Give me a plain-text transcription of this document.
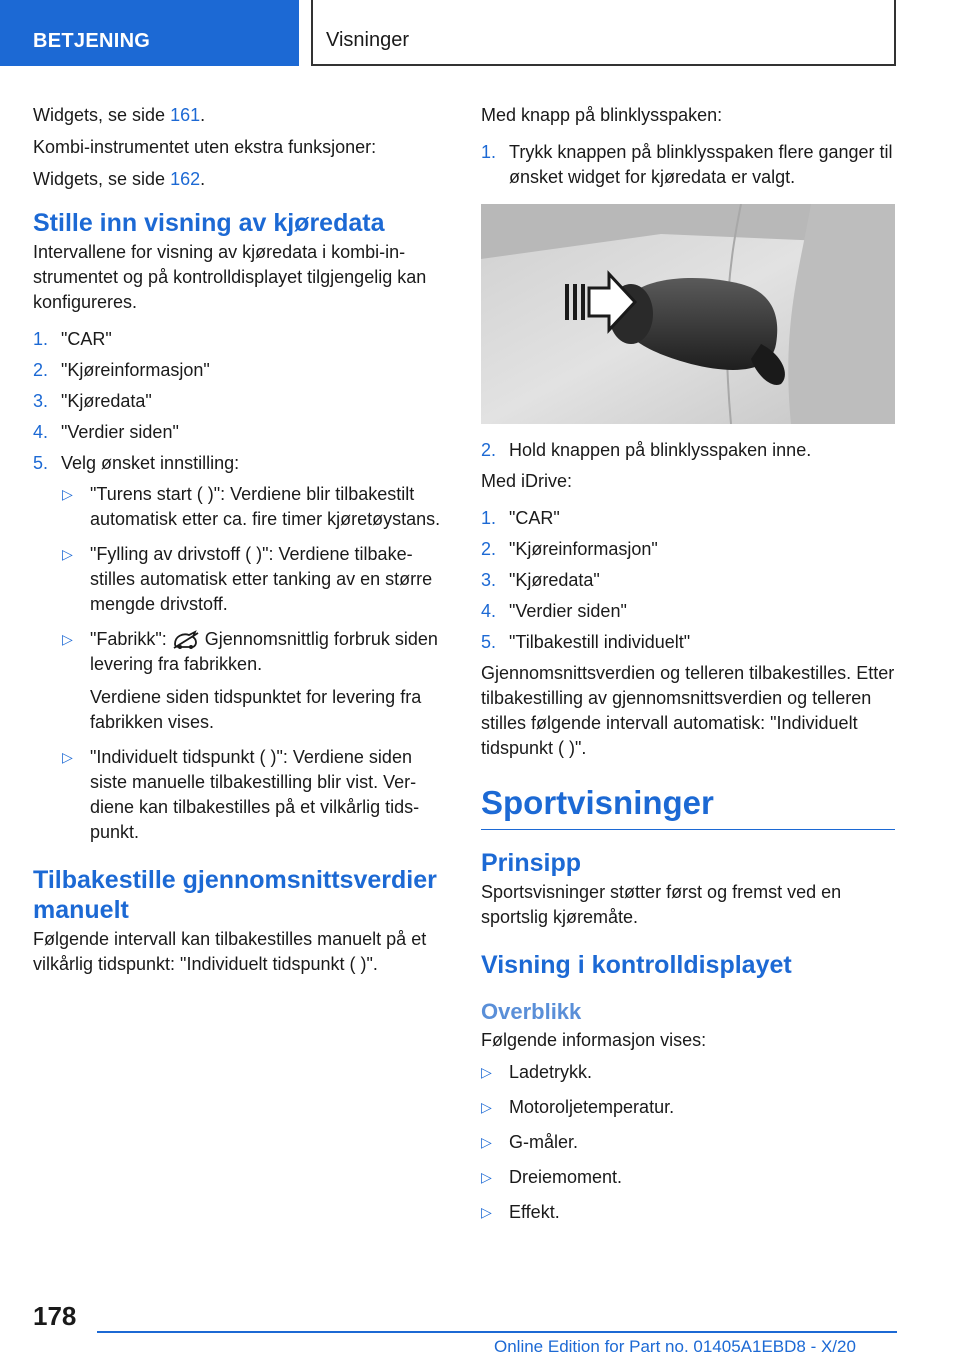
BETJENING	Visninger

Widgets, se side 161.

Kombi-instrumentet uten ekstra funksjoner:

Widgets, se side 162.

Stille inn visning av kjøredata

Intervallene for visning av kjøredata i kombi-instrumentet og på kontrolldisplayet tilgjengelig kan konfigureres.

1. "CAR"
2. "Kjøreinformasjon"
3. "Kjøredata"
4. "Verdier siden"
5. Velg ønsket innstilling:
▷ "Turens start ( )": Verdiene blir tilbakestilt automatisk etter ca. fire timer kjøretøystans.
▷ "Fylling av drivstoff ( )": Verdiene tilbakestilles automatisk etter tanking av en større mengde drivstoff.
▷ "Fabrikk": Gjennomsnittlig forbruk siden levering fra fabrikken.

Verdiene siden tidspunktet for levering fra fabrikken vises.

▷ "Individuelt tidspunkt ( )": Verdiene siden siste manuelle tilbakestilling blir vist. Verdiene kan tilbakestilles på et vilkårlig tidspunkt.
Tilbakestille gjennomsnittsverdier manuelt

Følgende intervall kan tilbakestilles manuelt på et vilkårlig tidspunkt: "Individuelt tidspunkt ( )".

Med knapp på blinklysspaken:

1. Trykk knappen på blinklysspaken flere ganger til ønsket widget for kjøredata er valgt.
2. Hold knappen på blinklysspaken inne.

Med iDrive:

1. "CAR"
2. "Kjøreinformasjon"
3. "Kjøredata"
4. "Verdier siden"
5. "Tilbakestill individuelt"

Gjennomsnittsverdien og telleren tilbakestilles. Etter tilbakestilling av gjennomsnittsverdien og telleren stilles følgende intervall automatisk: "Individuelt tidspunkt ( )".

Sportvisninger
Prinsipp

Sportsvisninger støtter først og fremst ved en sportslig kjøremåte.

Visning i kontrolldisplayet
Overblikk

Følgende informasjon vises:

▷ Ladetrykk.
▷ Motoroljetemperatur.
▷ G-måler.
▷ Dreiemoment.
▷ Effekt.
178
Online Edition for Part no. 01405A1EBD8 - X/20
